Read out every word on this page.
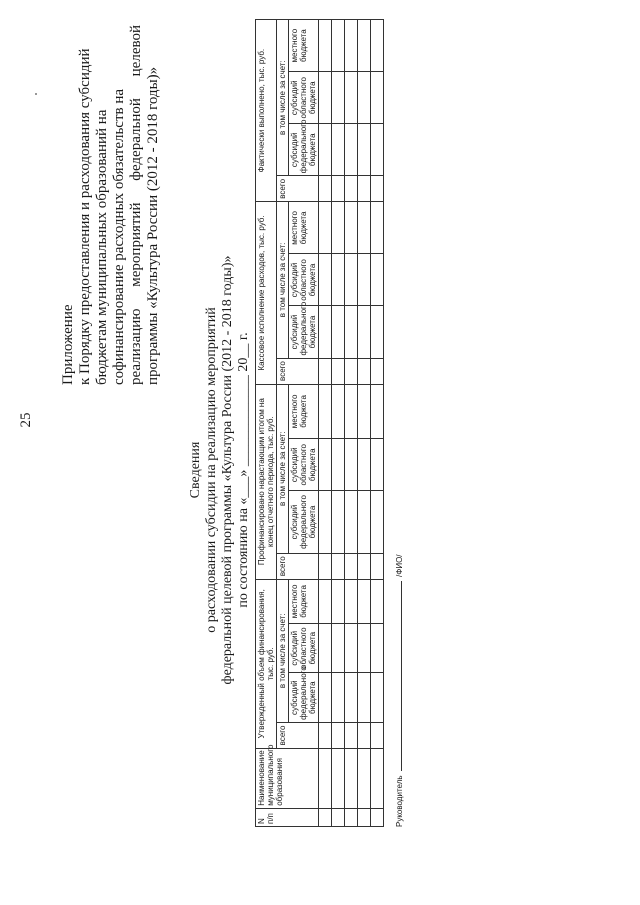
25
Приложение к Порядку предоставления и расходования субсидий бюджетам муниципальных образований на софинансирование расходных обязательств на реализацию
мероприятий
федеральной
целевой
программы «Культура России (2012 - 2018 годы)»
Сведения о расходовании субсидии на реализацию мероприятий федеральной целевой программы «Культура России (2012 - 2018 годы)» по состоянию на «___» _____________ 20__ г.
N п/п	Наименование муниципального образования	Утвержденный объем финансирования, тыс. руб.				Профинансировано нарастающим итогом на конец отчетного периода, тыс. руб.				Кассовое исполнение расходов, тыс. руб.				Фактически выполнено, тыс. руб.			
		всего	в том числе за счет:			всего	в том числе за счет:			всего	в том числе за счет:			всего	в том числе за счет:		
			субсидий федерального бюджета	субсидий областного бюджета	местного бюджета		субсидий федерального бюджета	субсидий областного бюджета	местного бюджета		субсидий федерального бюджета	субсидий областного бюджета	местного бюджета		субсидий федерального бюджета	субсидий областного бюджета	местного бюджета

Руководитель  /ФИО/
